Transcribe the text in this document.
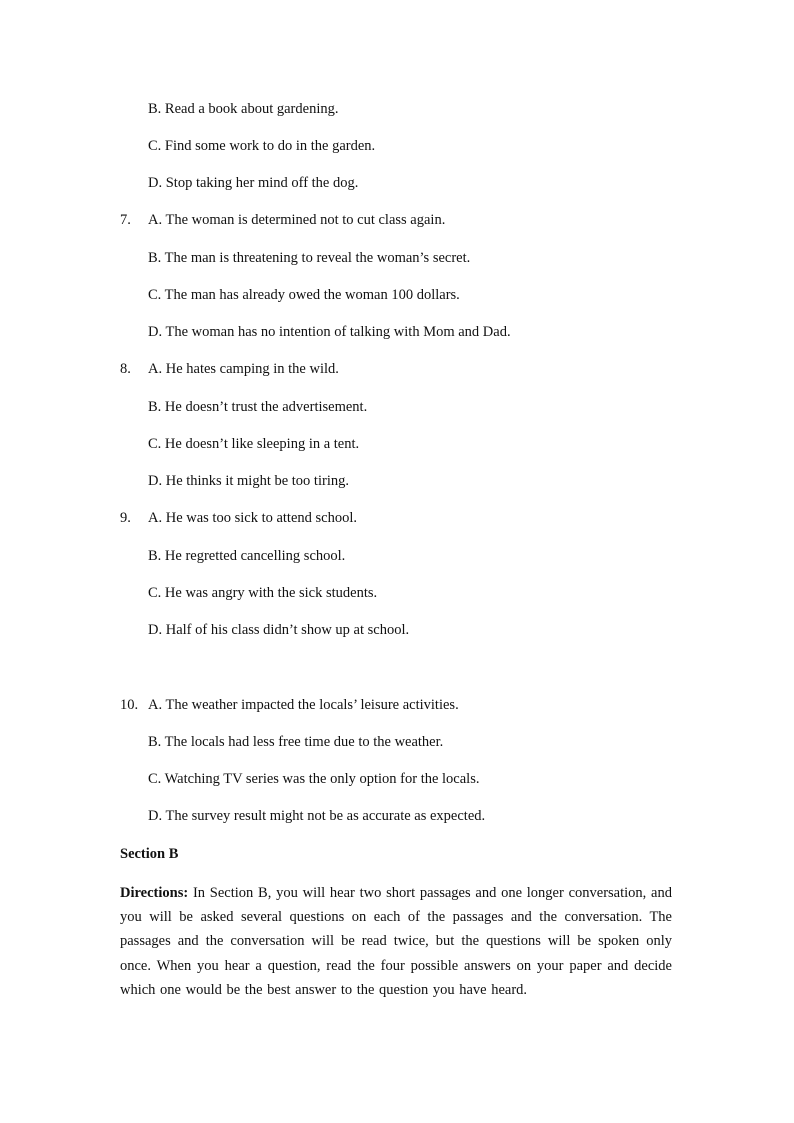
B. Read a book about gardening.
C. Find some work to do in the garden.
D. Stop taking her mind off the dog.
7. A. The woman is determined not to cut class again.
B. The man is threatening to reveal the woman’s secret.
C. The man has already owed the woman 100 dollars.
D. The woman has no intention of talking with Mom and Dad.
8. A. He hates camping in the wild.
B. He doesn’t trust the advertisement.
C. He doesn’t like sleeping in a tent.
D. He thinks it might be too tiring.
9. A. He was too sick to attend school.
B. He regretted cancelling school.
C. He was angry with the sick students.
D. Half of his class didn’t show up at school.
10. A. The weather impacted the locals’ leisure activities.
B. The locals had less free time due to the weather.
C. Watching TV series was the only option for the locals.
D. The survey result might not be as accurate as expected.
Section B
Directions: In Section B, you will hear two short passages and one longer conversation, and you will be asked several questions on each of the passages and the conversation. The passages and the conversation will be read twice, but the questions will be spoken only once. When you hear a question, read the four possible answers on your paper and decide which one would be the best answer to the question you have heard.
